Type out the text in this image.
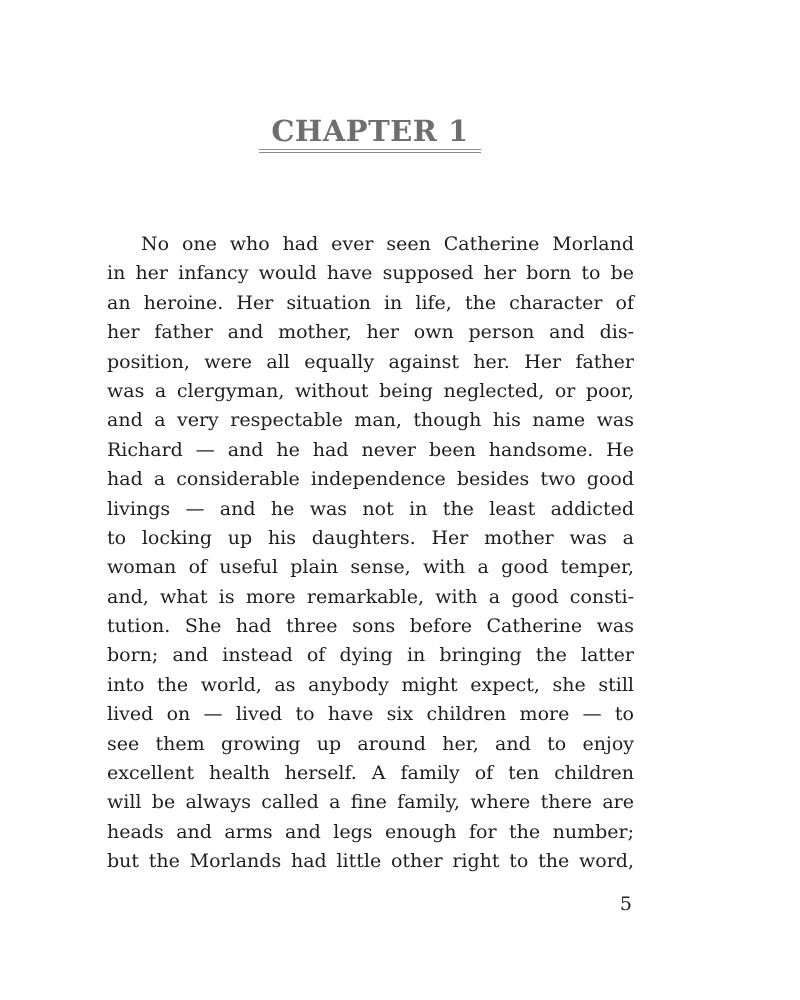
CHAPTER 1
No one who had ever seen Catherine Morland
in her infancy would have supposed her born to be
an heroine. Her situation in life, the character of
her father and mother, her own person and dis-
position, were all equally against her. Her father
was a clergyman, without being neglected, or poor,
and a very respectable man, though his name was
Richard — and he had never been handsome. He
had a considerable independence besides two good
livings — and he was not in the least addicted
to locking up his daughters. Her mother was a
woman of useful plain sense, with a good temper,
and, what is more remarkable, with a good consti-
tution. She had three sons before Catherine was
born; and instead of dying in bringing the latter
into the world, as anybody might expect, she still
lived on — lived to have six children more — to
see them growing up around her, and to enjoy
excellent health herself. A family of ten children
will be always called a fine family, where there are
heads and arms and legs enough for the number;
but the Morlands had little other right to the word,
5
